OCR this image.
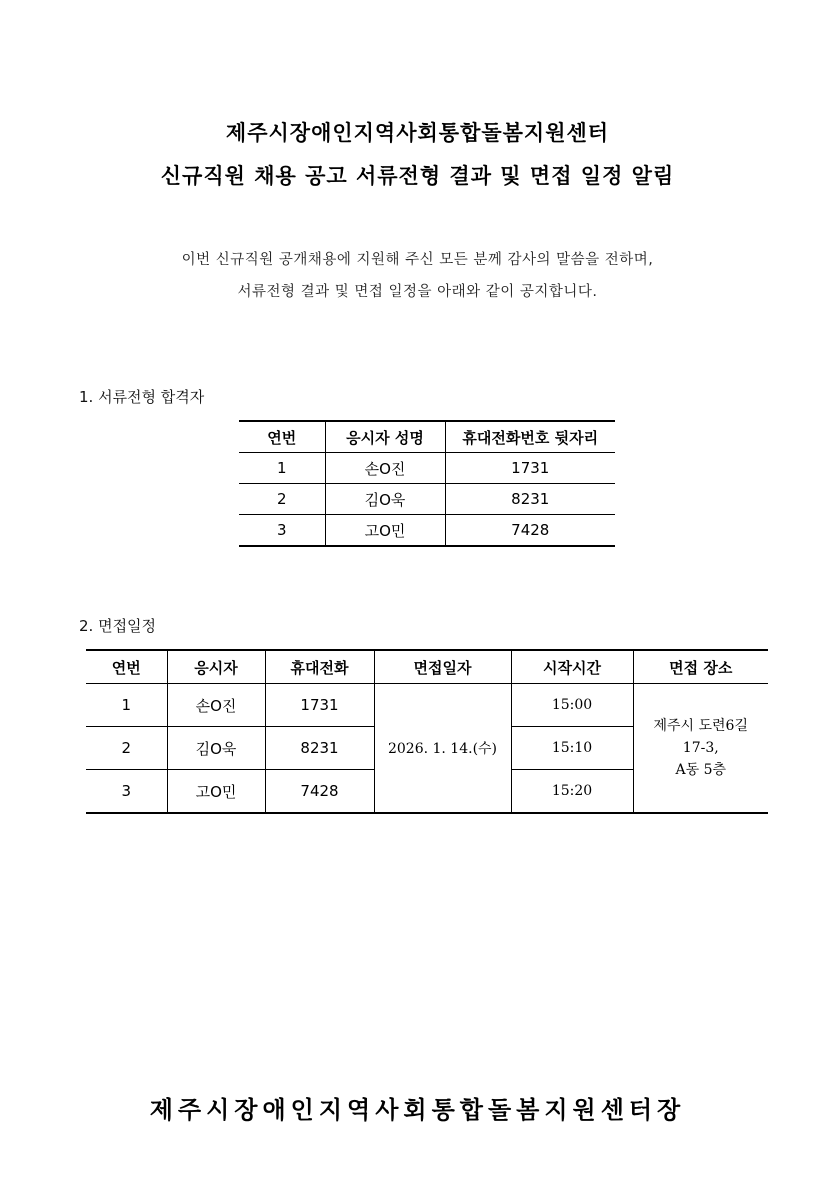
제주시장애인지역사회통합돌봄지원센터
신규직원 채용 공고 서류전형 결과 및 면접 일정 알림
이번 신규직원 공개채용에 지원해 주신 모든 분께 감사의 말씀을 전하며,
서류전형 결과 및 면접 일정을 아래와 같이 공지합니다.
1. 서류전형 합격자
연번	응시자 성명	휴대전화번호 뒷자리
1	손O진	1731
2	김O욱	8231
3	고O민	7428
2. 면접일정
연번	응시자	휴대전화	면접일자	시작시간	면접 장소
1	손O진	1731	2026. 1. 14.(수)	15:00	제주시 도련6길
17-3,
A동 5층

2	김O욱	8231		15:10	
3	고O민	7428		15:20	
제주시장애인지역사회통합돌봄지원센터장
